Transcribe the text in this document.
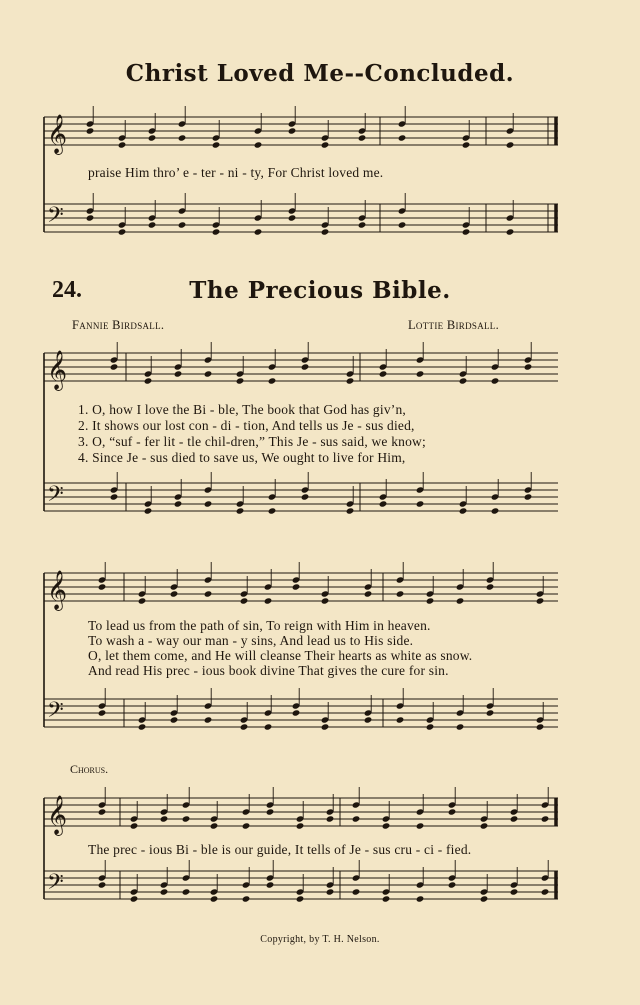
Christ Loved Me--Concluded.
𝄞
𝄢
𝄞
𝄢
𝄞
𝄢
𝄞
𝄢
praise Him thro’ e - ter - ni - ty, For Christ loved me.
24.	The Precious Bible.
Fannie Birdsall.	Lottie Birdsall.
1. O, how I love the Bi - ble, The book that God has giv’n,
2. It shows our lost con - di - tion, And tells us Je - sus died,
3. O, “suf - fer lit - tle chil-dren,” This Je - sus said, we know;
4. Since Je - sus died to save us, We ought to live for Him,
To lead us from the path of sin, To reign with Him in heaven.
To wash a - way our man - y sins, And lead us to His side.
O, let them come, and He will cleanse Their hearts as white as snow.
And read His prec - ious book divine That gives the cure for sin.
Chorus.
The prec - ious Bi - ble is our guide, It tells of Je - sus cru - ci - fied.
Copyright, by T. H. Nelson.
